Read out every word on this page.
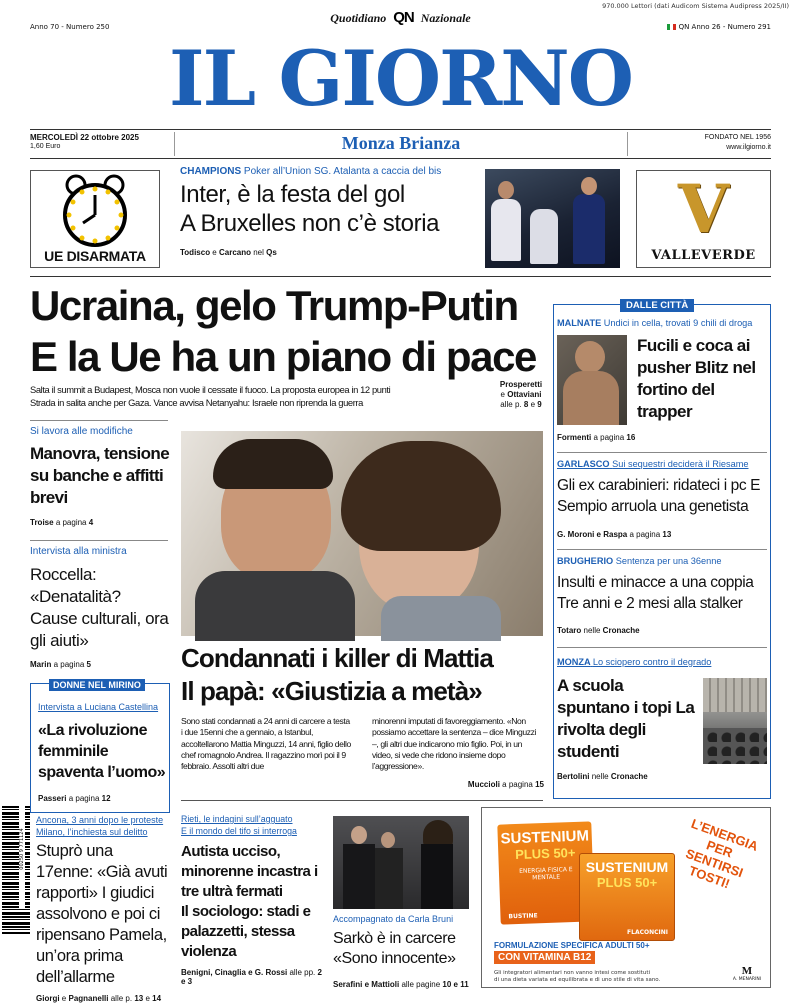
970.000 Lettori (dati Audicom Sistema Audipress 2025/II)
Quotidiano QN Nazionale
Anno 70 - Numero 250	QN Anno 26 - Numero 291
IL GIORNO
MERCOLEDÌ 22 ottobre 2025
1,60 Euro	Monza Brianza	FONDATO NEL 1956
www.ilgiorno.it
UE DISARMATA
CHAMPIONS Poker all’Union SG. Atalanta a caccia del bis
Inter, è la festa del gol
A Bruxelles non c’è storia
Todisco e Carcano nel Qs
V
VALLEVERDE
Ucraina, gelo Trump-Putin
E la Ue ha un piano di pace
Salta il summit a Budapest, Mosca non vuole il cessate il fuoco. La proposta europea in 12 punti
Strada in salita anche per Gaza. Vance avvisa Netanyahu: Israele non riprenda la guerra
Prosperetti
e Ottaviani
alle p. 8 e 9
Si lavora alle modifiche
Manovra, tensione su banche e affitti brevi
Troise a pagina 4
Intervista alla ministra
Roccella: «Denatalità? Cause culturali, ora gli aiuti»
Marin a pagina 5
DONNE NEL MIRINO
Intervista a Luciana Castellina
«La rivoluzione femminile spaventa l’uomo»
Passeri a pagina 12
00250 9 771124
Ancona, 3 anni dopo le proteste
Milano, l’inchiesta sul delitto
Stuprò una 17enne: «Già avuti rapporti» I giudici assolvono e poi ci ripensano Pamela, un’ora prima dell’allarme
Giorgi e Pagnanelli alle p. 13 e 14
Condannati i killer di Mattia
Il papà: «Giustizia a metà»
Sono stati condannati a 24 anni di carcere a testa i due 15enni che a gennaio, a Istanbul, accoltellarono Mattia Minguzzi, 14 anni, figlio dello chef romagnolo Andrea. Il ragazzino morì poi il 9 febbraio. Assolti altri due
minorenni imputati di favoreggiamento. «Non possiamo accettare la sentenza – dice Minguzzi –, gli altri due indicarono mio figlio. Poi, in un video, si vede che ridono insieme dopo l’aggressione».
Muccioli a pagina 15
Rieti, le indagini sull’agguato
E il mondo del tifo si interroga
Autista ucciso, minorenne incastra i tre ultrà fermati
Il sociologo: stadi e palazzetti, stessa violenza
Benigni, Cinaglia e G. Rossi alle pp. 2 e 3
Accompagnato da Carla Bruni
Sarkò è in carcere «Sono innocente»
Serafini e Mattioli alle pagine 10 e 11
DALLE CITTÀ
MALNATE Undici in cella, trovati 9 chili di droga
Fucili e coca ai pusher Blitz nel fortino del trapper
Formenti a pagina 16
GARLASCO Sui sequestri deciderà il Riesame
Gli ex carabinieri: ridateci i pc E Sempio arruola una genetista
G. Moroni e Raspa a pagina 13
BRUGHERIO Sentenza per una 36enne
Insulti e minacce a una coppia Tre anni e 2 mesi alla stalker
Totaro nelle Cronache
MONZA Lo sciopero contro il degrado
A scuola spuntano i topi La rivolta degli studenti
Bertolini nelle Cronache
SUSTENIUM
PLUS 50+
ENERGIA FISICA E MENTALE
BUSTINE
SUSTENIUM
PLUS 50+
FLACONCINI
FORMULAZIONE SPECIFICA ADULTI 50+
CON VITAMINA B12
L’ENERGIA PER SENTIRSI TOSTI!
Gli integratori alimentari non vanno intesi come sostituti
di una dieta variata ed equilibrata e di uno stile di vita sano.
M
A. MENARINI
